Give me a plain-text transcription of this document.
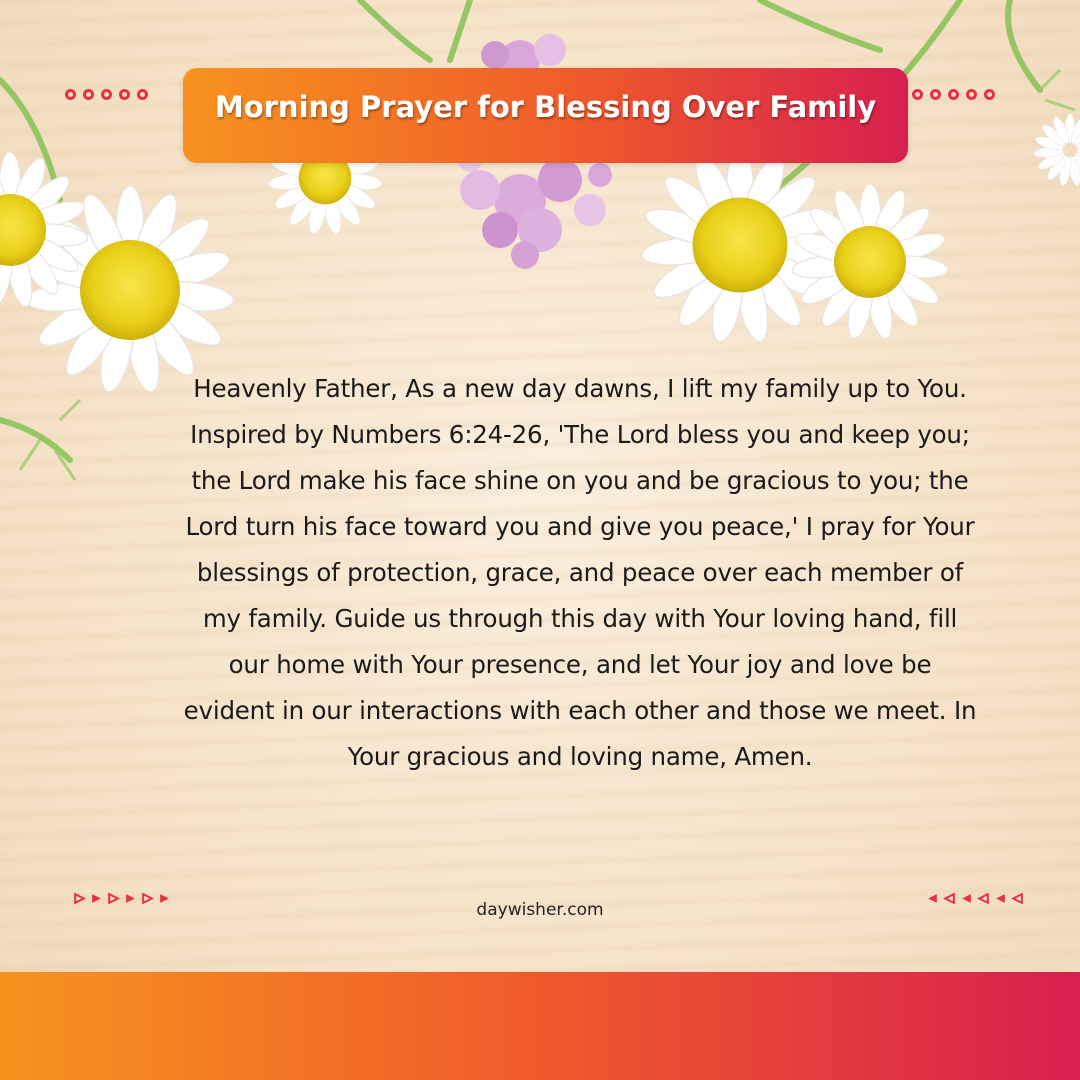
Morning Prayer for Blessing Over Family
Heavenly Father, As a new day dawns, I lift my family up to You. Inspired by Numbers 6:24-26, 'The Lord bless you and keep you; the Lord make his face shine on you and be gracious to you; the Lord turn his face toward you and give you peace,' I pray for Your blessings of protection, grace, and peace over each member of my family. Guide us through this day with Your loving hand, fill our home with Your presence, and let Your joy and love be evident in our interactions with each other and those we meet. In Your gracious and loving name, Amen.
daywisher.com
